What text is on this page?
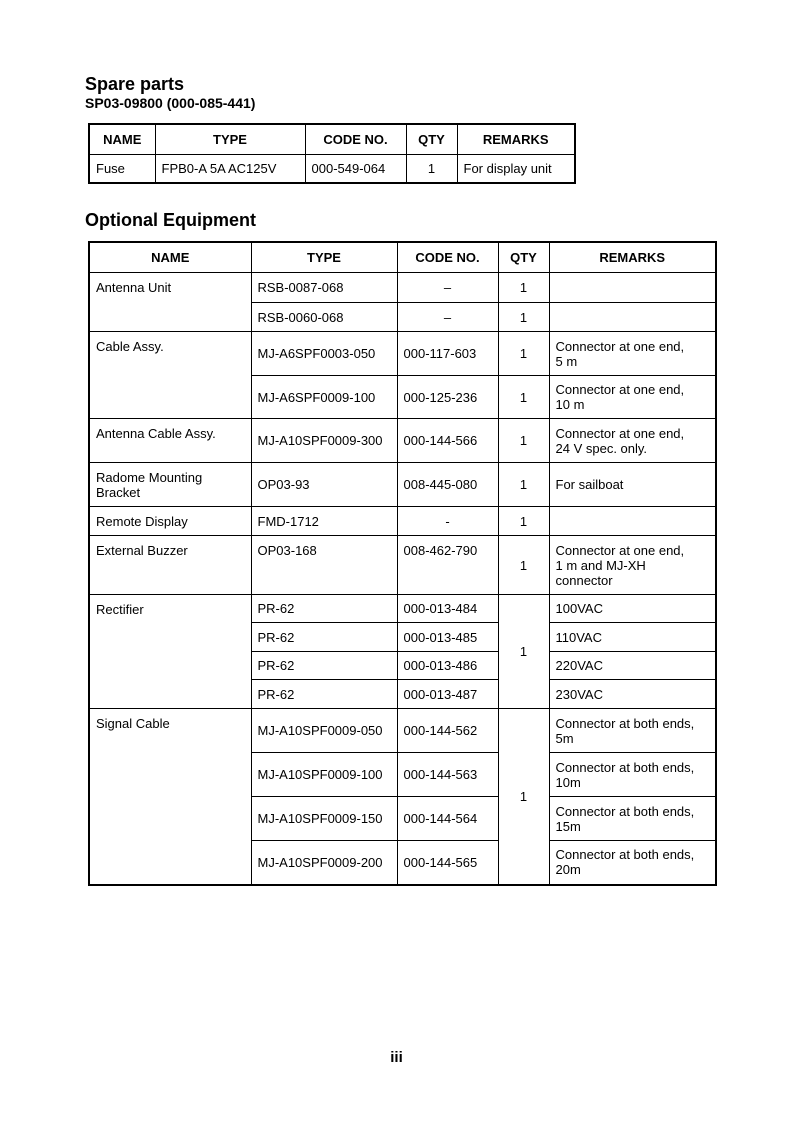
Spare parts
SP03-09800 (000-085-441)
NAME	TYPE	CODE NO.	QTY	REMARKS
Fuse	FPB0-A 5A AC125V	000-549-064	1	For display unit
Optional Equipment
NAME	TYPE	CODE NO.	QTY	REMARKS
Antenna Unit	RSB-0087-068	–	1	
	RSB-0060-068	–	1	
Cable Assy.	MJ-A6SPF0003-050	000-117-603	1	Connector at one end,
5 m
	MJ-A6SPF0009-100	000-125-236	1	Connector at one end,
10 m
Antenna Cable Assy.	MJ-A10SPF0009-300	000-144-566	1	Connector at one end,
24 V spec. only.
Radome Mounting
Bracket	OP03-93	008-445-080	1	For sailboat
Remote Display	FMD-1712	-	1	
External Buzzer	OP03-168	008-462-790	1	Connector at one end,
1 m and MJ-XH
connector
Rectifier	PR-62	000-013-484	1	100VAC
	PR-62	000-013-485		110VAC
	PR-62	000-013-486		220VAC
	PR-62	000-013-487		230VAC
Signal Cable	MJ-A10SPF0009-050	000-144-562	1	Connector at both ends,
5m
	MJ-A10SPF0009-100	000-144-563		Connector at both ends,
10m
	MJ-A10SPF0009-150	000-144-564		Connector at both ends,
15m
	MJ-A10SPF0009-200	000-144-565		Connector at both ends,
20m
iii
